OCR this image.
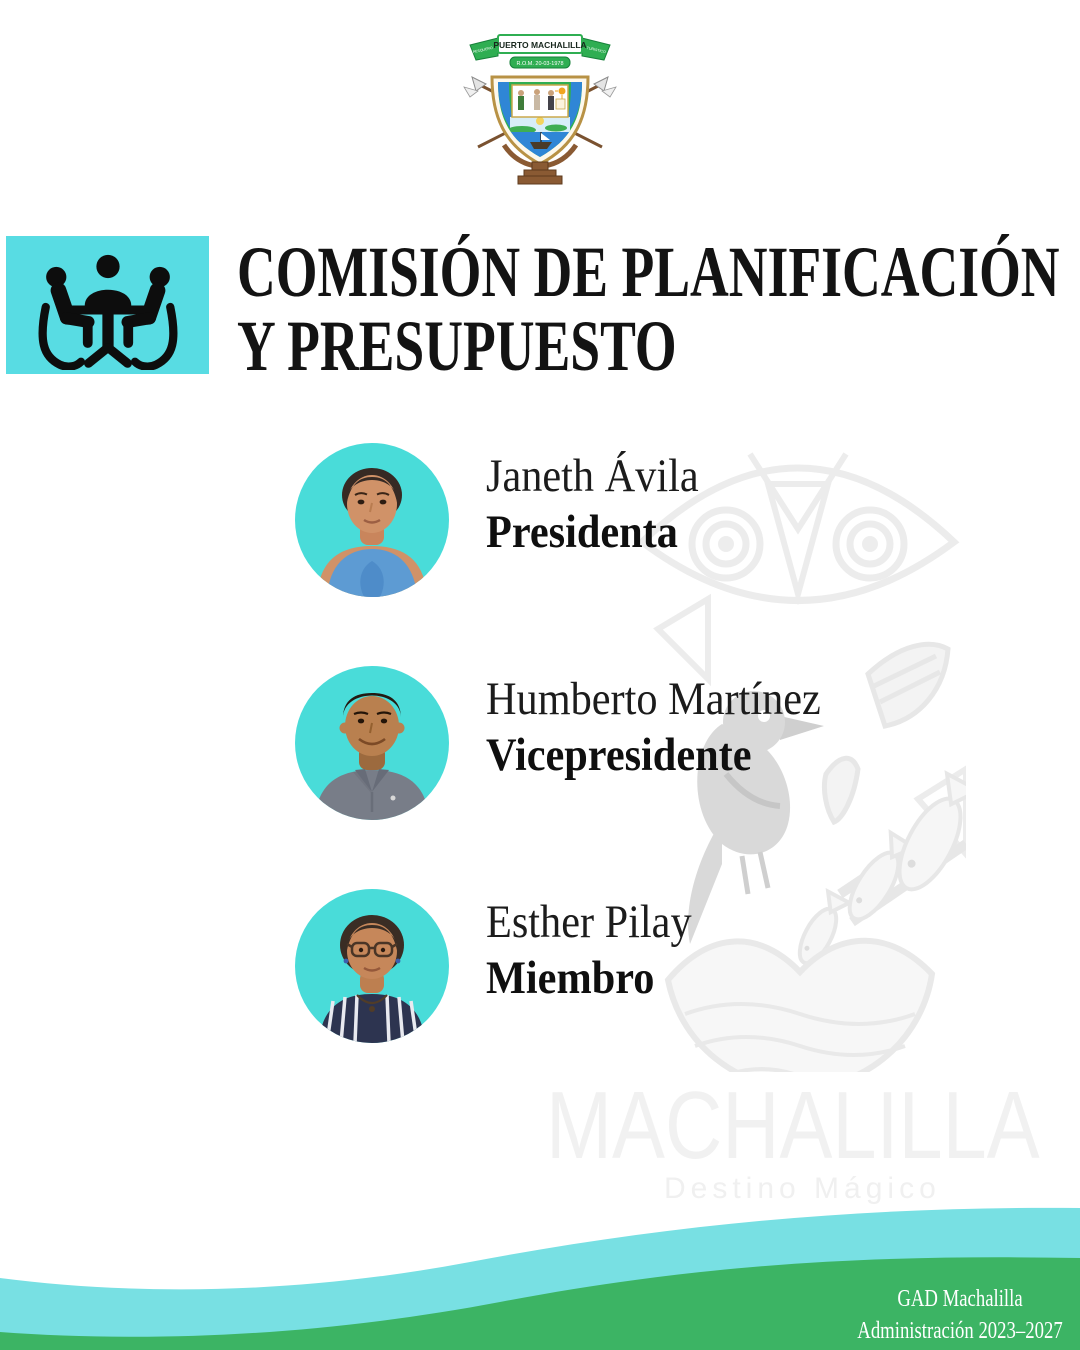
PUERTO MACHALILLA
PESQUERO	TURISTICO
R.O.M. 20-03-1978
MACHALILLA
Destino Mágico
COMISIÓN DE PLANIFICACIÓN
Y PRESUPUESTO
Janeth Ávila
Presidenta
Humberto Martínez
Vicepresidente
Esther Pilay
Miembro
GAD Machalilla
Administración 2023–2027
